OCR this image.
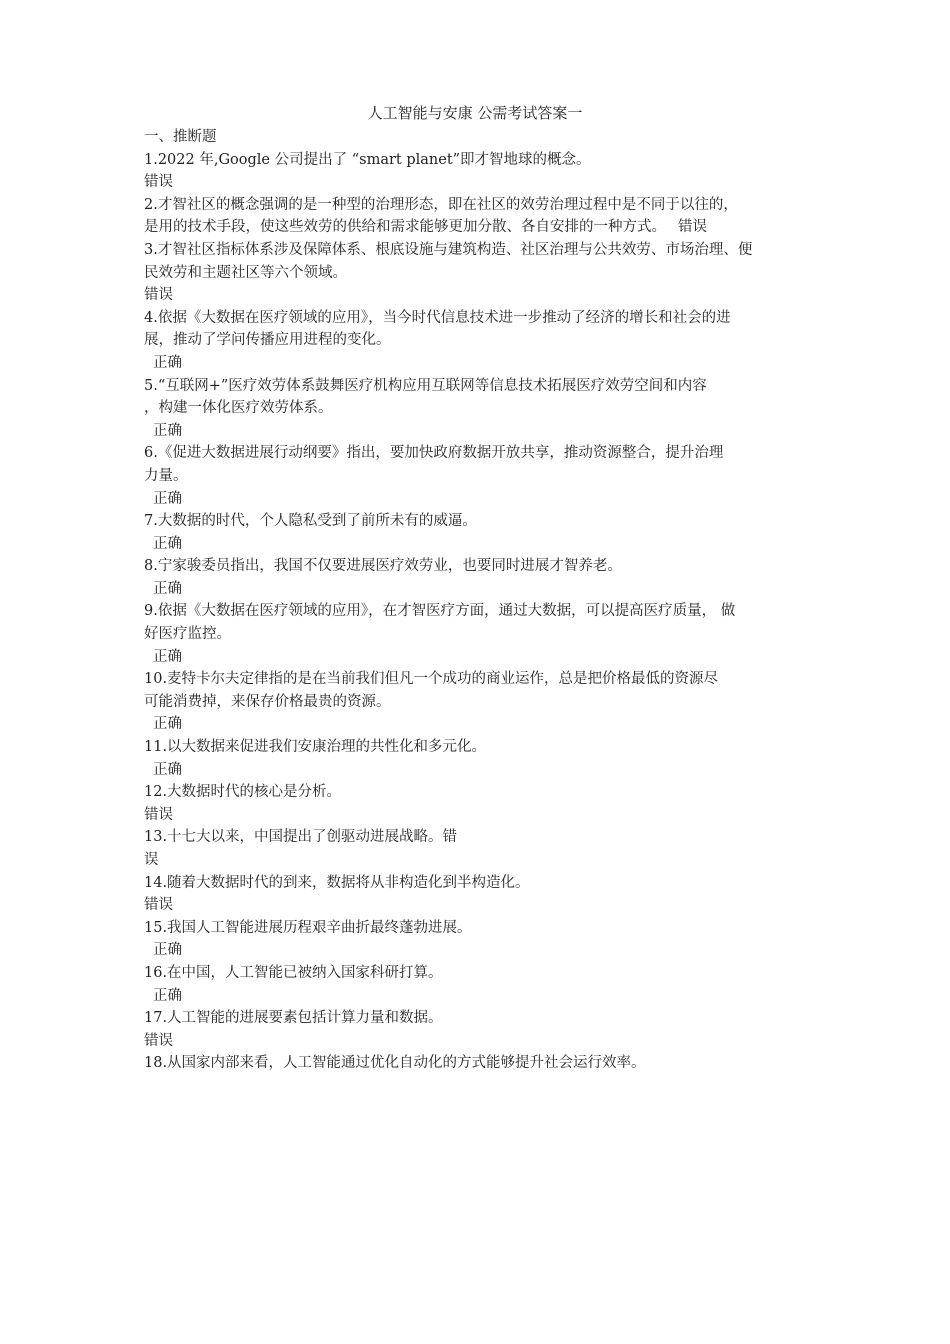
人工智能与安康 公需考试答案一
一、推断题
1.2022 年,Google 公司提出了 “smart planet”即才智地球的概念。
错误
2.才智社区的概念强调的是一种型的治理形态，即在社区的效劳治理过程中是不同于以往的，
是用的技术手段，使这些效劳的供给和需求能够更加分散、各自安排的一种方式。 错误
3.才智社区指标体系涉及保障体系、根底设施与建筑构造、社区治理与公共效劳、市场治理、便
民效劳和主题社区等六个领域。
错误
4.依据《大数据在医疗领域的应用》，当今时代信息技术进一步推动了经济的增长和社会的进
展，推动了学问传播应用进程的变化。
正确
5.“互联网+”医疗效劳体系鼓舞医疗机构应用互联网等信息技术拓展医疗效劳空间和内容
，构建一体化医疗效劳体系。
正确
6.《促进大数据进展行动纲要》指出，要加快政府数据开放共享，推动资源整合，提升治理
力量。
正确
7.大数据的时代，个人隐私受到了前所未有的威逼。
正确
8.宁家骏委员指出，我国不仅要进展医疗效劳业，也要同时进展才智养老。
正确
9.依据《大数据在医疗领域的应用》，在才智医疗方面，通过大数据，可以提高医疗质量， 做
好医疗监控。
正确
10.麦特卡尔夫定律指的是在当前我们但凡一个成功的商业运作，总是把价格最低的资源尽
可能消费掉，来保存价格最贵的资源。
正确
11.以大数据来促进我们安康治理的共性化和多元化。
正确
12.大数据时代的核心是分析。
错误
13.十七大以来，中国提出了创驱动进展战略。错
误
14.随着大数据时代的到来，数据将从非构造化到半构造化。
错误
15.我国人工智能进展历程艰辛曲折最终蓬勃进展。
正确
16.在中国，人工智能已被纳入国家科研打算。
正确
17.人工智能的进展要素包括计算力量和数据。
错误
18.从国家内部来看，人工智能通过优化自动化的方式能够提升社会运行效率。
